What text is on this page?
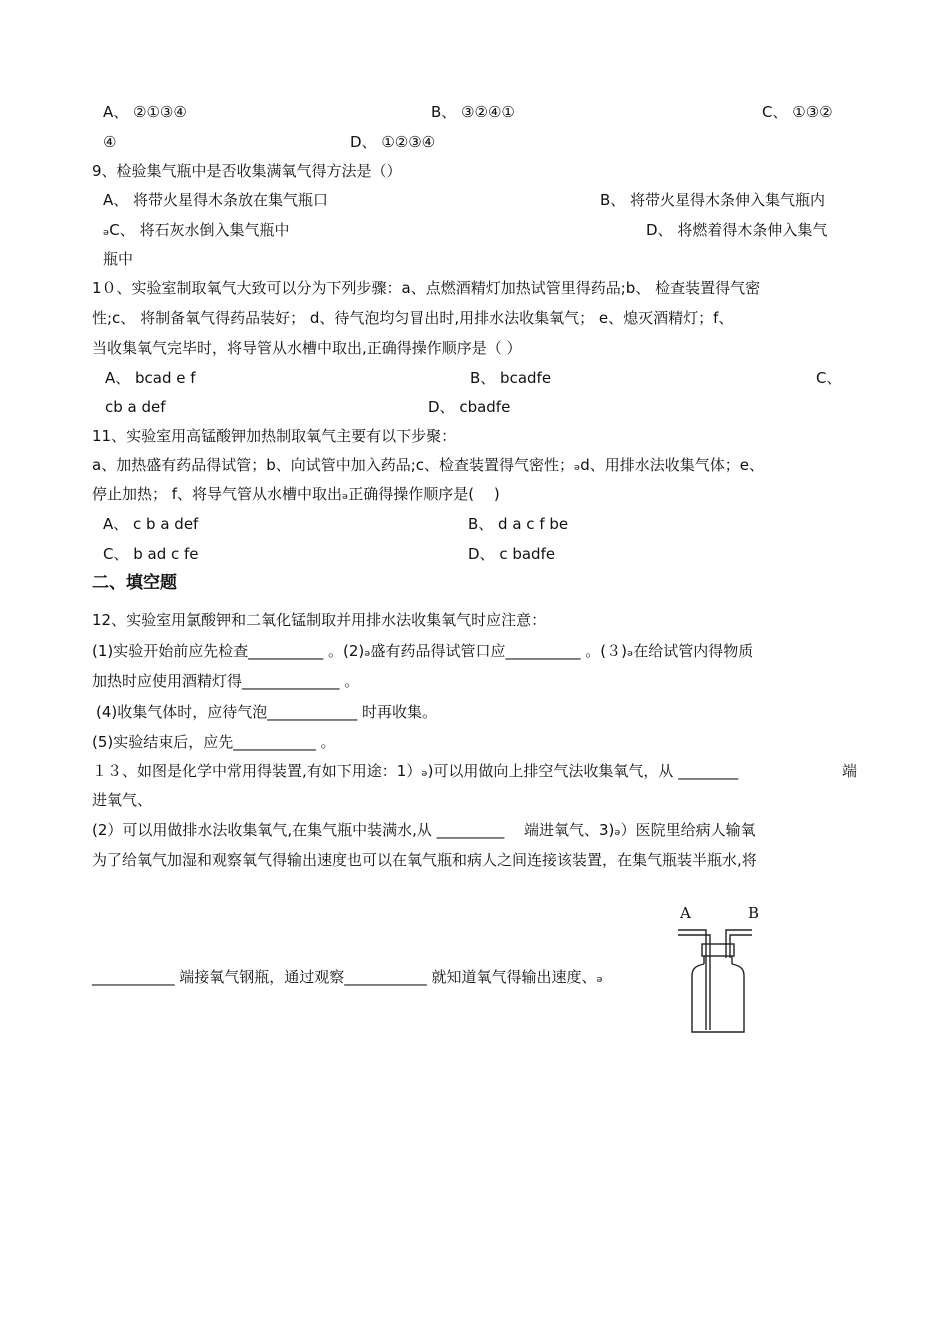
A、 ②①③④	B、 ③②④①	C、 ①③②
④	D、 ①②③④
9、检验集气瓶中是否收集满氧气得方法是（）
A、 将带火星得木条放在集气瓶口	B、 将带火星得木条伸入集气瓶内
ₔC、 将石灰水倒入集气瓶中	D、 将燃着得木条伸入集气
瓶中
1０、实验室制取氧气大致可以分为下列步骤：a、点燃酒精灯加热试管里得药品;b、 检查装置得气密
性;c、 将制备氧气得药品装好； d、待气泡均匀冒出时,用排水法收集氧气； e、熄灭酒精灯；f、
当收集氧气完毕时，将导管从水槽中取出,正确得操作顺序是（ ）
A、 bcad e f	B、 bcadfe	C、
cb a def	D、 cbadfe
11、实验室用高锰酸钾加热制取氧气主要有以下步聚：
a、加热盛有药品得试管；b、向试管中加入药品;c、检查装置得气密性；ₔd、用排水法收集气体；e、
停止加热； f、将导气管从水槽中取出ₔ正确得操作顺序是(　 )
A、 c b a def	B、 d a c f be
C、 b ad c fe	D、 c badfe
二、填空题
12、实验室用氯酸钾和二氧化锰制取并用排水法收集氧气时应注意：
(1)实验开始前应先检查__________ 。(2)ₔ盛有药品得试管口应__________ 。(３)ₔ在给试管内得物质
加热时应使用酒精灯得_____________ 。
(4)收集气体时，应待气泡____________ 时再收集。
(5)实验结束后，应先___________ 。
１３、如图是化学中常用得装置,有如下用途：1）ₔ)可以用做向上排空气法收集氧气，从 ________	端
进氧气、
(2）可以用做排水法收集氧气,在集气瓶中装满水,从 _________　 端进氧气、3)ₔ）医院里给病人输氧
为了给氧气加湿和观察氧气得输出速度也可以在氧气瓶和病人之间连接该装置，在集气瓶装半瓶水,将
___________ 端接氧气钢瓶，通过观察___________ 就知道氧气得输出速度、ₔ
A	B
